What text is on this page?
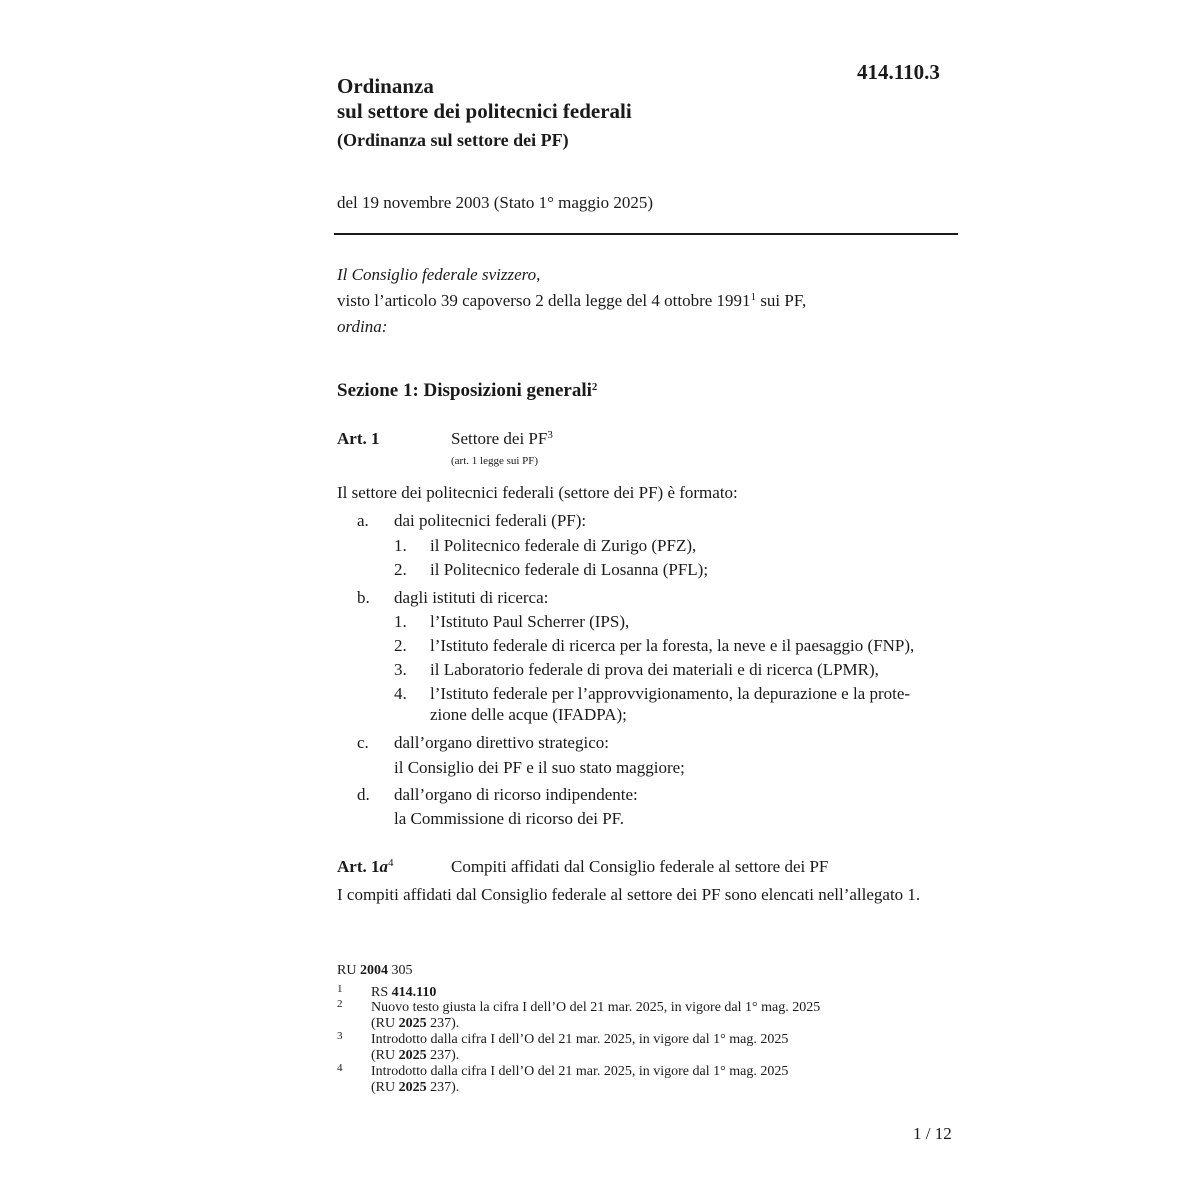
414.110.3
Ordinanza
sul settore dei politecnici federali
(Ordinanza sul settore dei PF)
del 19 novembre 2003 (Stato 1° maggio 2025)
Il Consiglio federale svizzero,
visto l’articolo 39 capoverso 2 della legge del 4 ottobre 1991$^1$ sui PF,
ordina:
Sezione 1: Disposizioni generali$^2$
Art. 1	Settore dei $PF^3$
(art. 1 legge sui PF)
Il settore dei politecnici federali (settore dei PF) è formato:
a. dai politecnici federali (PF):
1. il Politecnico federale di Zurigo (PFZ),
2. il Politecnico federale di Losanna (PFL);
b. dagli istituti di ricerca:
1. l’Istituto Paul Scherrer (IPS),
2. l’Istituto federale di ricerca per la foresta, la neve e il paesaggio (FNP),
3. il Laboratorio federale di prova dei materiali e di ricerca (LPMR),
4. l’Istituto federale per l’approvvigionamento, la depurazione e la prote-
zione delle acque (IFADPA);
c. dall’organo direttivo strategico:
il Consiglio dei PF e il suo stato maggiore;
d. dall’organo di ricorso indipendente:
la Commissione di ricorso dei PF.
Art. $1a^4$	Compiti affidati dal Consiglio federale al settore dei PF
I compiti affidati dal Consiglio federale al settore dei PF sono elencati nell’allegato 1.
RU 2004 305
1 RS 414.110
2 Nuovo testo giusta la cifra I dell’O del 21 mar. 2025, in vigore dal 1° mag. 2025
(RU 2025 237).
3 Introdotto dalla cifra I dell’O del 21 mar. 2025, in vigore dal 1° mag. 2025
(RU 2025 237).
4 Introdotto dalla cifra I dell’O del 21 mar. 2025, in vigore dal 1° mag. 2025
(RU 2025 237).
1 / 12
